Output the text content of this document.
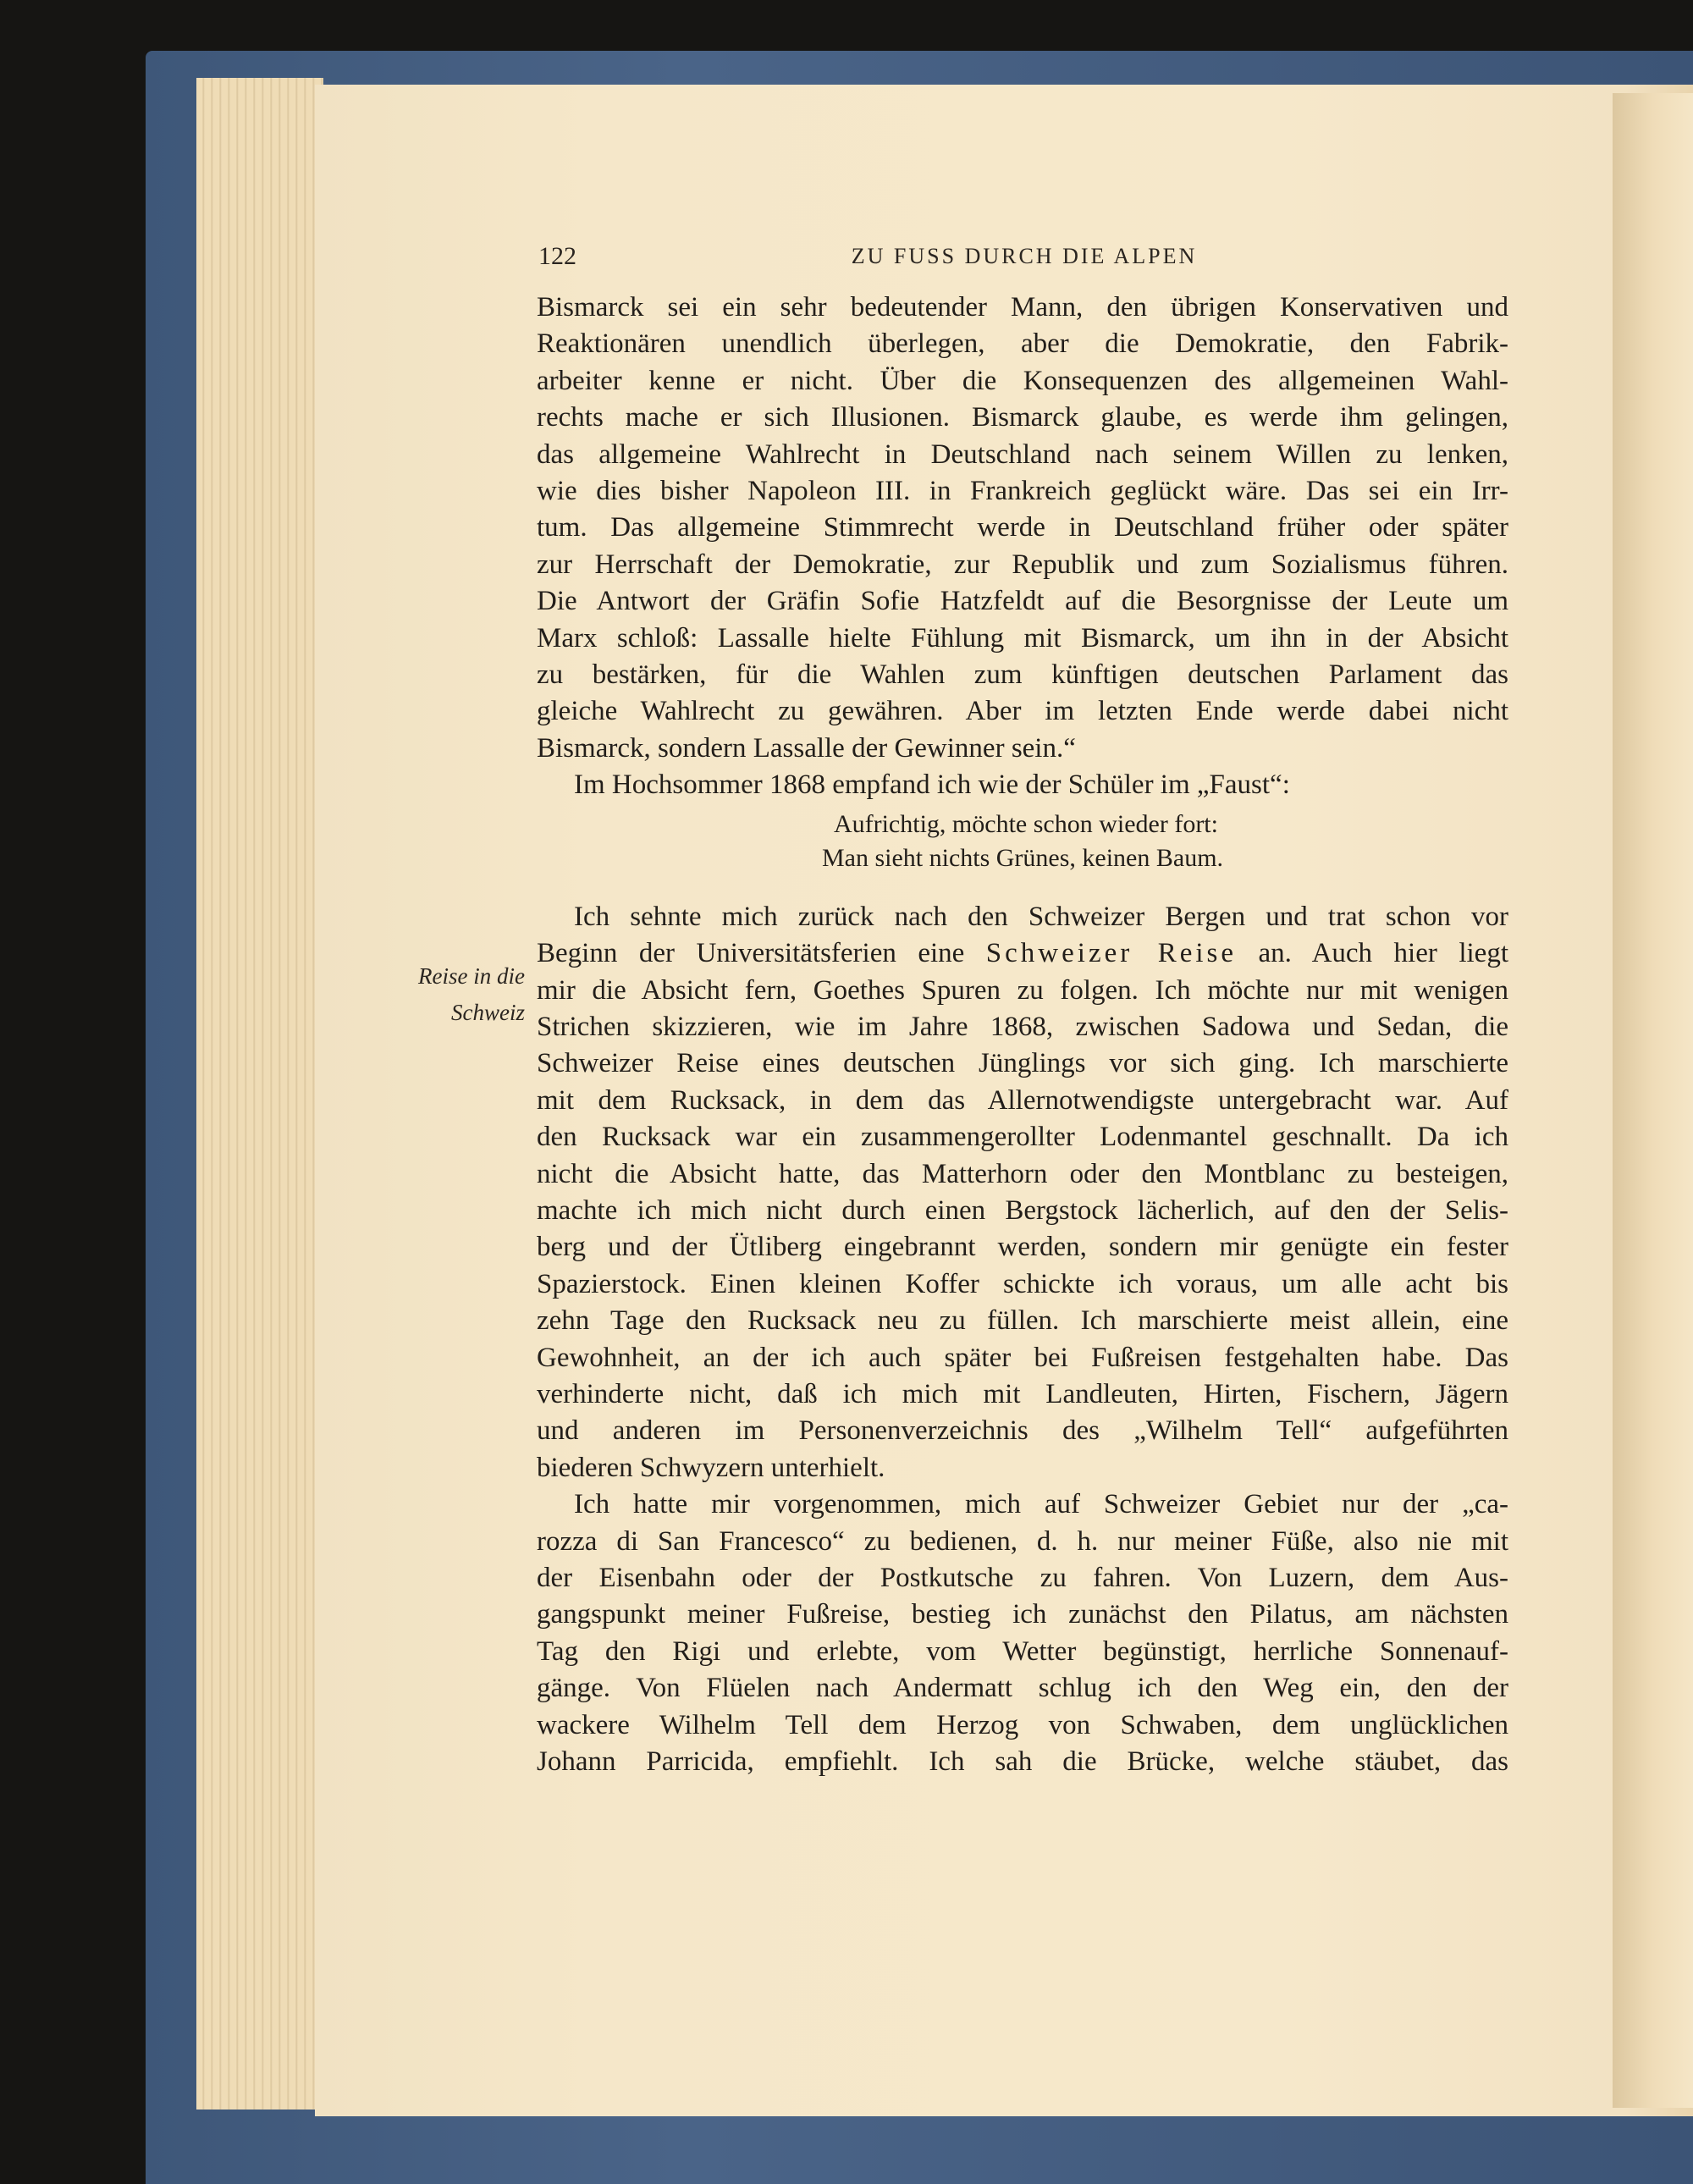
122	ZU FUSS DURCH DIE ALPEN
Reise in die
Schweiz
Bismarck sei ein sehr bedeutender Mann, den übrigen Konservativen und
Reaktionären unendlich überlegen, aber die Demokratie, den Fabrik-
arbeiter kenne er nicht. Über die Konsequenzen des allgemeinen Wahl-
rechts mache er sich Illusionen. Bismarck glaube, es werde ihm gelingen,
das allgemeine Wahlrecht in Deutschland nach seinem Willen zu lenken,
wie dies bisher Napoleon III. in Frankreich geglückt wäre. Das sei ein Irr-
tum. Das allgemeine Stimmrecht werde in Deutschland früher oder später
zur Herrschaft der Demokratie, zur Republik und zum Sozialismus führen.
Die Antwort der Gräfin Sofie Hatzfeldt auf die Besorgnisse der Leute um
Marx schloß: Lassalle hielte Fühlung mit Bismarck, um ihn in der Absicht
zu bestärken, für die Wahlen zum künftigen deutschen Parlament das
gleiche Wahlrecht zu gewähren. Aber im letzten Ende werde dabei nicht
Bismarck, sondern Lassalle der Gewinner sein.“
Im Hochsommer 1868 empfand ich wie der Schüler im „Faust“:
Aufrichtig, möchte schon wieder fort:
Man sieht nichts Grünes, keinen Baum.
Ich sehnte mich zurück nach den Schweizer Bergen und trat schon vor
Beginn der Universitätsferien eine Schweizer Reise an. Auch hier liegt
mir die Absicht fern, Goethes Spuren zu folgen. Ich möchte nur mit wenigen
Strichen skizzieren, wie im Jahre 1868, zwischen Sadowa und Sedan, die
Schweizer Reise eines deutschen Jünglings vor sich ging. Ich marschierte
mit dem Rucksack, in dem das Allernotwendigste untergebracht war. Auf
den Rucksack war ein zusammengerollter Lodenmantel geschnallt. Da ich
nicht die Absicht hatte, das Matterhorn oder den Montblanc zu besteigen,
machte ich mich nicht durch einen Bergstock lächerlich, auf den der Selis-
berg und der Ütliberg eingebrannt werden, sondern mir genügte ein fester
Spazierstock. Einen kleinen Koffer schickte ich voraus, um alle acht bis
zehn Tage den Rucksack neu zu füllen. Ich marschierte meist allein, eine
Gewohnheit, an der ich auch später bei Fußreisen festgehalten habe. Das
verhinderte nicht, daß ich mich mit Landleuten, Hirten, Fischern, Jägern
und anderen im Personenverzeichnis des „Wilhelm Tell“ aufgeführten
biederen Schwyzern unterhielt.
Ich hatte mir vorgenommen, mich auf Schweizer Gebiet nur der „ca-
rozza di San Francesco“ zu bedienen, d. h. nur meiner Füße, also nie mit
der Eisenbahn oder der Postkutsche zu fahren. Von Luzern, dem Aus-
gangspunkt meiner Fußreise, bestieg ich zunächst den Pilatus, am nächsten
Tag den Rigi und erlebte, vom Wetter begünstigt, herrliche Sonnenauf-
gänge. Von Flüelen nach Andermatt schlug ich den Weg ein, den der
wackere Wilhelm Tell dem Herzog von Schwaben, dem unglücklichen
Johann Parricida, empfiehlt. Ich sah die Brücke, welche stäubet, das
